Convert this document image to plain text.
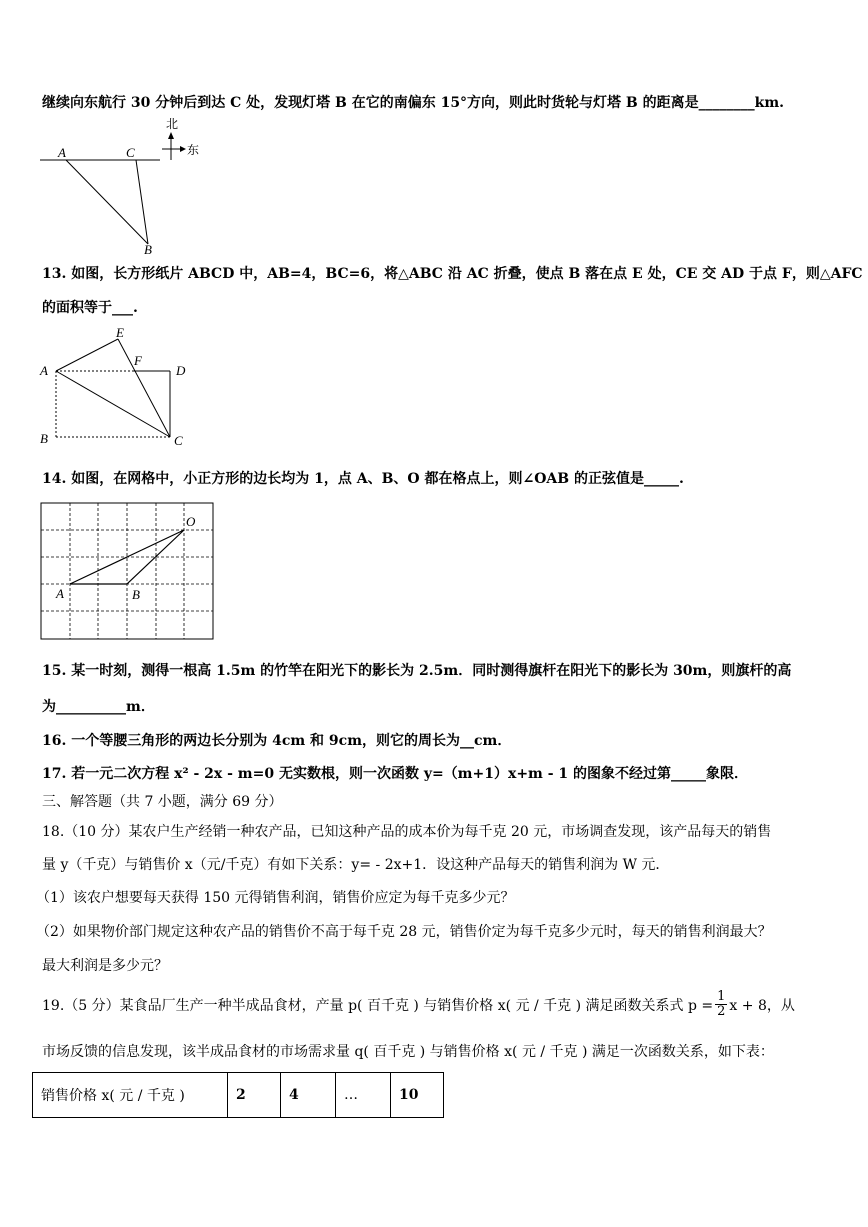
继续向东航行 30 分钟后到达 C 处，发现灯塔 B 在它的南偏东 15°方向，则此时货轮与灯塔 B 的距离是________km.
北
东
A	C
B
13. 如图，长方形纸片 ABCD 中，AB=4，BC=6，将△ABC 沿 AC 折叠，使点 B 落在点 E 处，CE 交 AD 于点 F，则△AFC
的面积等于___.
A
B	C
D
E
F
14. 如图，在网格中，小正方形的边长均为 1，点 A、B、O 都在格点上，则∠OAB 的正弦值是_____.
A	B
O
15. 某一时刻，测得一根高 1.5m 的竹竿在阳光下的影长为 2.5m．同时测得旗杆在阳光下的影长为 30m，则旗杆的高
为__________m．
16. 一个等腰三角形的两边长分别为 4cm 和 9cm，则它的周长为__cm．
17. 若一元二次方程 x² - 2x - m=0 无实数根，则一次函数 y=（m+1）x+m - 1 的图象不经过第_____象限．
三、解答题（共 7 小题，满分 69 分）
18.（10 分）某农户生产经销一种农产品，已知这种产品的成本价为每千克 20 元，市场调查发现，该产品每天的销售
量 y（千克）与销售价 x（元/千克）有如下关系：y= - 2x+1．设这种产品每天的销售利润为 W 元．
（1）该农户想要每天获得 150 元得销售利润，销售价应定为每千克多少元？
（2）如果物价部门规定这种农产品的销售价不高于每千克 28 元，销售价定为每千克多少元时，每天的销售利润最大？
最大利润是多少元？
19.（5 分）某食品厂生产一种半成品食材，产量 p( 百千克 ) 与销售价格 x( 元 / 千克 ) 满足函数关系式 $p = \frac{1}{2}$ x + 8，从
市场反馈的信息发现，该半成品食材的市场需求量 q( 百千克 ) 与销售价格 x( 元 / 千克 ) 满足一次函数关系，如下表：
销售价格 x( 元 / 千克 )	2	4	…	10
